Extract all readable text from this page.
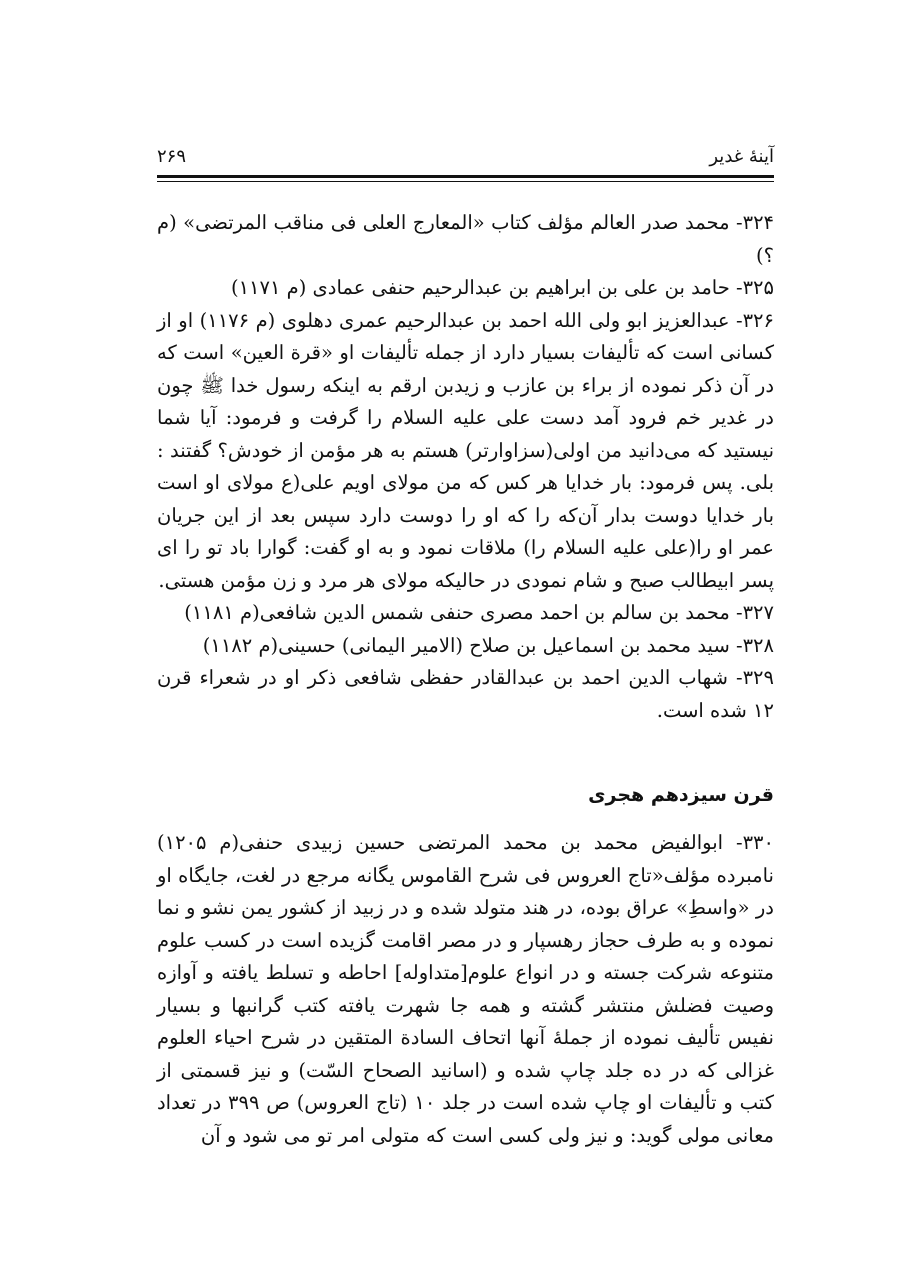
آینهٔ غدیر
۲۶۹

۳۲۴- محمد صدر العالم مؤلف کتاب «المعارج العلی فی مناقب المرتضی» (م ؟)

۳۲۵- حامد بن علی بن ابراهیم بن عبدالرحیم حنفی عمادی (م ۱۱۷۱)

۳۲۶- عبدالعزیز ابو ولی الله احمد بن عبدالرحیم عمری دهلوی (م ۱۱۷۶) او از کسانی است که تألیفات بسیار دارد از جمله تألیفات او «قرة العین» است که در آن ذکر نموده از براء بن عازب و زیدبن ارقم به اینکه رسول خدا ﷺ چون در غدیر خم فرود آمد دست علی علیه السلام را گرفت و فرمود: آیا شما نیستید که می‌دانید من اولی(سزاوارتر) هستم به هر مؤمن از خودش؟ گفتند : بلی. پس فرمود: بار خدایا هر کس که من مولای اویم علی(ع مولای او است بار خدایا دوست بدار آن‌که را که او را دوست دارد سپس بعد از این جریان عمر او را(علی علیه السلام را) ملاقات نمود و به او گفت: گوارا باد تو را ای پسر ابیطالب صبح و شام نمودی در حالیکه مولای هر مرد و زن مؤمن هستی.

۳۲۷- محمد بن سالم بن احمد مصری حنفی شمس الدین شافعی(م ۱۱۸۱)

۳۲۸- سید محمد بن اسماعیل بن صلاح (الامیر الیمانی) حسینی(م ۱۱۸۲)

۳۲۹- شهاب الدین احمد بن عبدالقادر حفظی شافعی ذکر او در شعراء قرن ۱۲ شده است.

قرن سیزدهم هجری

۳۳۰- ابوالفیض محمد بن محمد المرتضی حسین زبیدی حنفی(م ۱۲۰۵) نامبرده مؤلف«تاج العروس فی شرح القاموس یگانه مرجع در لغت، جایگاه او در «واسطِ» عراق بوده، در هند متولد شده و در زبید از کشور یمن نشو و نما نموده و به طرف حجاز رهسپار و در مصر اقامت گزیده است در کسب علوم متنوعه شرکت جسته و در انواع علوم[متداوله] احاطه و تسلط یافته و آوازه وصیت فضلش منتشر گشته و همه جا شهرت یافته کتب گرانبها و بسیار نفیس تألیف نموده از جملهٔ آنها اتحاف السادة المتقین در شرح احیاء العلوم غزالی که در ده جلد چاپ شده و (اسانید الصحاح السّت) و نیز قسمتی از کتب و تألیفات او چاپ شده است در جلد ۱۰ (تاج العروس) ص ۳۹۹ در تعداد معانی مولی گوید: و نیز ولی کسی است که متولی امر تو می شود و آن
